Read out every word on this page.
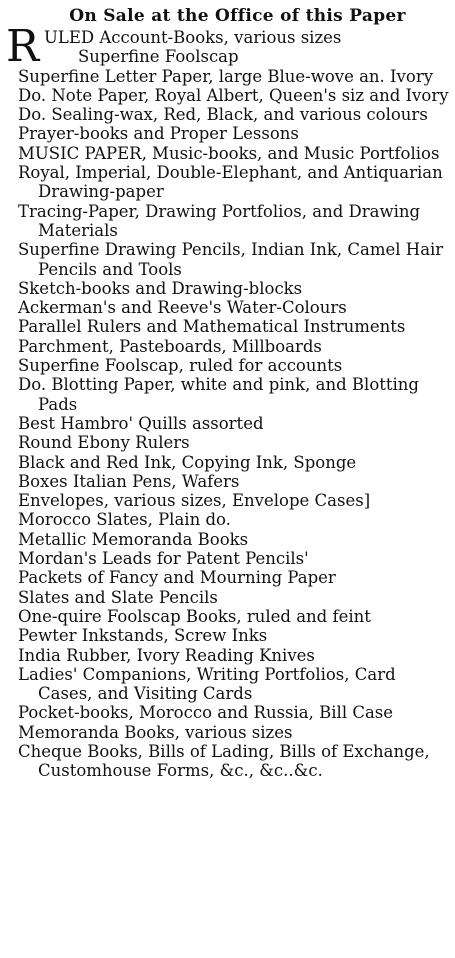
On Sale at the Office of this Paper
R ULED Account-Books, various sizes
Superfine Foolscap
Superfine Letter Paper, large Blue-wove an. Ivory
Do. Note Paper, Royal Albert, Queen's siz and Ivory
Do. Sealing-wax, Red, Black, and various colours
Prayer-books and Proper Lessons
MUSIC PAPER, Music-books, and Music Portfolios
Royal, Imperial, Double-Elephant, and Antiquarian Drawing-paper
Tracing-Paper, Drawing Portfolios, and Drawing Materials
Superfine Drawing Pencils, Indian Ink, Camel Hair Pencils and Tools
Sketch-books and Drawing-blocks
Ackerman's and Reeve's Water-Colours
Parallel Rulers and Mathematical Instruments
Parchment, Pasteboards, Millboards
Superfine Foolscap, ruled for accounts
Do. Blotting Paper, white and pink, and Blotting Pads
Best Hambro' Quills assorted
Round Ebony Rulers
Black and Red Ink, Copying Ink, Sponge
Boxes Italian Pens, Wafers
Envelopes, various sizes, Envelope Cases]
Morocco Slates, Plain do.
Metallic Memoranda Books
Mordan's Leads for Patent Pencils'
Packets of Fancy and Mourning Paper
Slates and Slate Pencils
One-quire Foolscap Books, ruled and feint
Pewter Inkstands, Screw Inks
India Rubber, Ivory Reading Knives
Ladies' Companions, Writing Portfolios, Card Cases, and Visiting Cards
Pocket-books, Morocco and Russia, Bill Case
Memoranda Books, various sizes
Cheque Books, Bills of Lading, Bills of Exchange, Customhouse Forms, &c., &c..&c.
